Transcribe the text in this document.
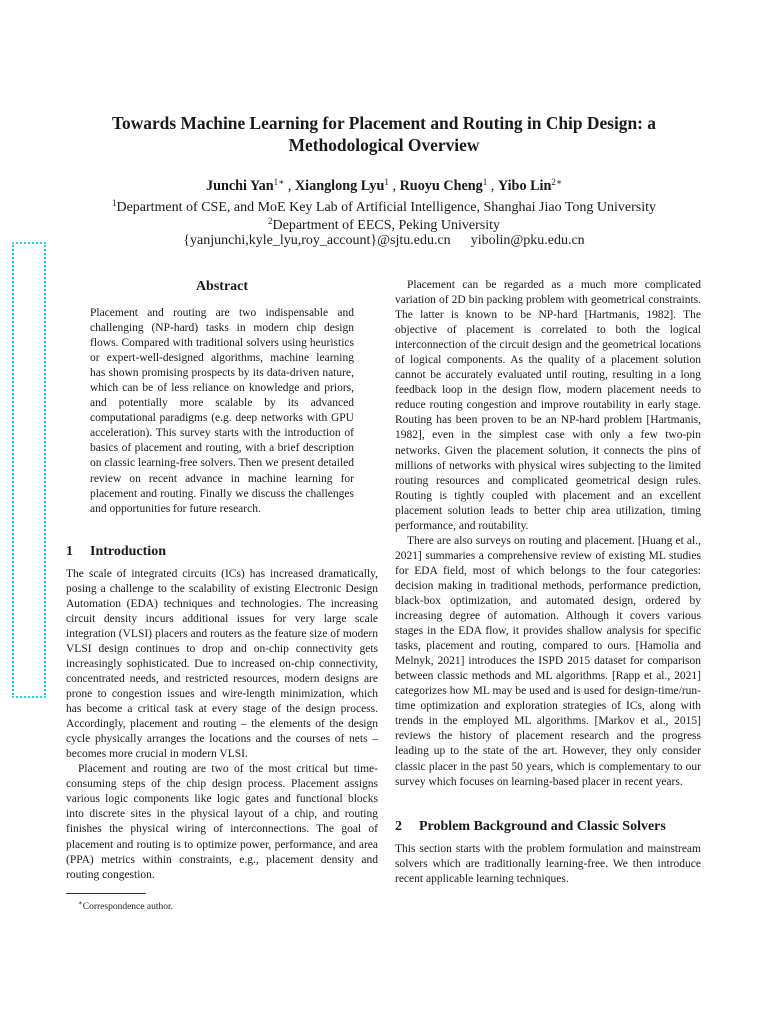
Towards Machine Learning for Placement and Routing in Chip Design: a
Methodological Overview
Junchi Yan$^{1∗}$ , Xianglong Lyu$^1$ , Ruoyu Cheng$^1$ , Yibo Lin$^{2∗}$
$^1$Department of CSE, and MoE Key Lab of Artificial Intelligence, Shanghai Jiao Tong University
$^2$Department of EECS, Peking University
{yanjunchi,kyle_lyu,roy_account}@sjtu.edu.cn yibolin@pku.edu.cn
Abstract

Placement and routing are two indispensable and challenging (NP-hard) tasks in modern chip design flows. Compared with traditional solvers using heuristics or expert-well-designed algorithms, machine learning has shown promising prospects by its data-driven nature, which can be of less reliance on knowledge and priors, and potentially more scalable by its advanced computational paradigms (e.g. deep networks with GPU acceleration). This survey starts with the introduction of basics of placement and routing, with a brief description on classic learning-free solvers. Then we present detailed review on recent advance in machine learning for placement and routing. Finally we discuss the challenges and opportunities for future research.

1 Introduction

The scale of integrated circuits (ICs) has increased dramatically, posing a challenge to the scalability of existing Electronic Design Automation (EDA) techniques and technologies. The increasing circuit density incurs additional issues for very large scale integration (VLSI) placers and routers as the feature size of modern VLSI design continues to drop and on-chip connectivity gets increasingly sophisticated. Due to increased on-chip connectivity, concentrated needs, and restricted resources, modern designs are prone to congestion issues and wire-length minimization, which has become a critical task at every stage of the design process. Accordingly, placement and routing – the elements of the design cycle physically arranges the locations and the courses of nets – becomes more crucial in modern VLSI.

Placement and routing are two of the most critical but time-consuming steps of the chip design process. Placement assigns various logic components like logic gates and functional blocks into discrete sites in the physical layout of a chip, and routing finishes the physical wiring of interconnections. The goal of placement and routing is to optimize power, performance, and area (PPA) metrics within constraints, e.g., placement density and routing congestion.

Placement can be regarded as a much more complicated variation of 2D bin packing problem with geometrical constraints. The latter is known to be NP-hard [Hartmanis, 1982]. The objective of placement is correlated to both the logical interconnection of the circuit design and the geometrical locations of logical components. As the quality of a placement solution cannot be accurately evaluated until routing, resulting in a long feedback loop in the design flow, modern placement needs to reduce routing congestion and improve routability in early stage. Routing has been proven to be an NP-hard problem [Hartmanis, 1982], even in the simplest case with only a few two-pin networks. Given the placement solution, it connects the pins of millions of networks with physical wires subjecting to the limited routing resources and complicated geometrical design rules. Routing is tightly coupled with placement and an excellent placement solution leads to better chip area utilization, timing performance, and routability.

There are also surveys on routing and placement. [Huang et al., 2021] summaries a comprehensive review of existing ML studies for EDA field, most of which belongs to the four categories: decision making in traditional methods, performance prediction, black-box optimization, and automated design, ordered by increasing degree of automation. Although it covers various stages in the EDA flow, it provides shallow analysis for specific tasks, placement and routing, compared to ours. [Hamolia and Melnyk, 2021] introduces the ISPD 2015 dataset for comparison between classic methods and ML algorithms. [Rapp et al., 2021] categorizes how ML may be used and is used for design-time/run-time optimization and exploration strategies of ICs, along with trends in the employed ML algorithms. [Markov et al., 2015] reviews the history of placement research and the progress leading up to the state of the art. However, they only consider classic placer in the past 50 years, which is complementary to our survey which focuses on learning-based placer in recent years.

2 Problem Background and Classic Solvers

This section starts with the problem formulation and mainstream solvers which are traditionally learning-free. We then introduce recent applicable learning techniques.

∗Correspondence author.
